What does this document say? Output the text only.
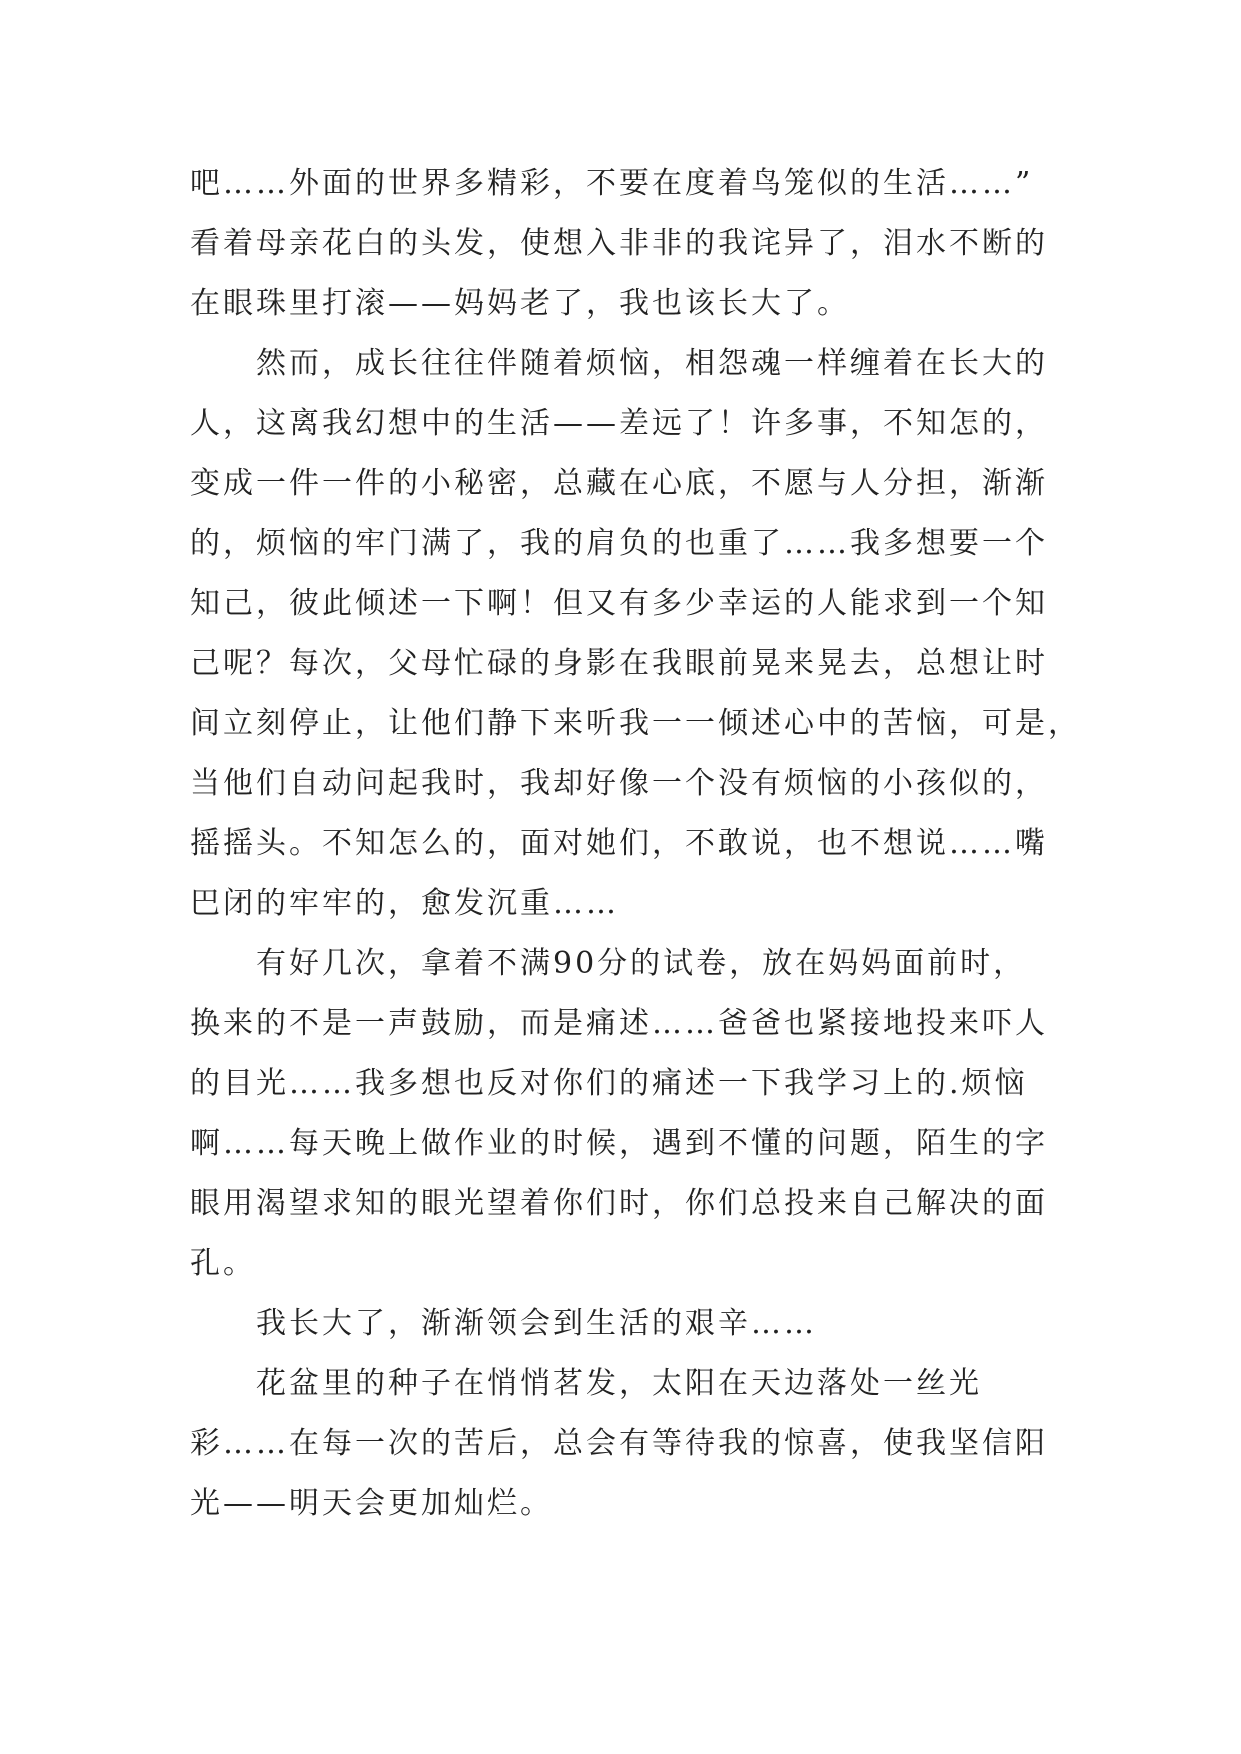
吧……外面的世界多精彩，不要在度着鸟笼似的生活……”
看着母亲花白的头发，使想入非非的我诧异了，泪水不断的
在眼珠里打滚——妈妈老了，我也该长大了。
然而，成长往往伴随着烦恼，相怨魂一样缠着在长大的
人，这离我幻想中的生活——差远了！许多事，不知怎的，
变成一件一件的小秘密，总藏在心底，不愿与人分担，渐渐
的，烦恼的牢门满了，我的肩负的也重了……我多想要一个
知己，彼此倾述一下啊！但又有多少幸运的人能求到一个知
己呢？每次，父母忙碌的身影在我眼前晃来晃去，总想让时
间立刻停止，让他们静下来听我一一倾述心中的苦恼，可是，
当他们自动问起我时，我却好像一个没有烦恼的小孩似的，
摇摇头。不知怎么的，面对她们，不敢说，也不想说……嘴
巴闭的牢牢的，愈发沉重……
有好几次，拿着不满90分的试卷，放在妈妈面前时，
换来的不是一声鼓励，而是痛述……爸爸也紧接地投来吓人
的目光……我多想也反对你们的痛述一下我学习上的.烦恼
啊……每天晚上做作业的时候，遇到不懂的问题，陌生的字
眼用渴望求知的眼光望着你们时，你们总投来自己解决的面
孔。
我长大了，渐渐领会到生活的艰辛……
花盆里的种子在悄悄茗发，太阳在天边落处一丝光
彩……在每一次的苦后，总会有等待我的惊喜，使我坚信阳
光——明天会更加灿烂。
